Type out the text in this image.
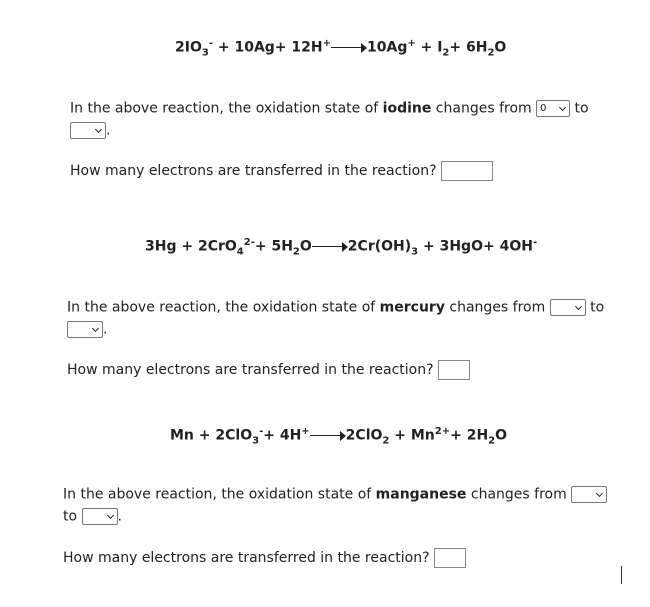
$2IO_3^- + 10Ag+ 12H^+$	$10Ag^+ + I_2+ 6H_2O$
In the above reaction, the oxidation state of iodine changes from 0 to
.
How many electrons are transferred in the reaction?
$3Hg + 2CrO_4^{2-}+ 5H_2O$	$2Cr(OH)_3 + 3HgO+ 4OH^-$
In the above reaction, the oxidation state of mercury changes from	to
.
How many electrons are transferred in the reaction?
Mn + 2ClO$_3$-+ 4H+	$2ClO_2 + Mn^{2+}+ 2H_2O$
In the above reaction, the oxidation state of manganese changes from
to	.
How many electrons are transferred in the reaction?
